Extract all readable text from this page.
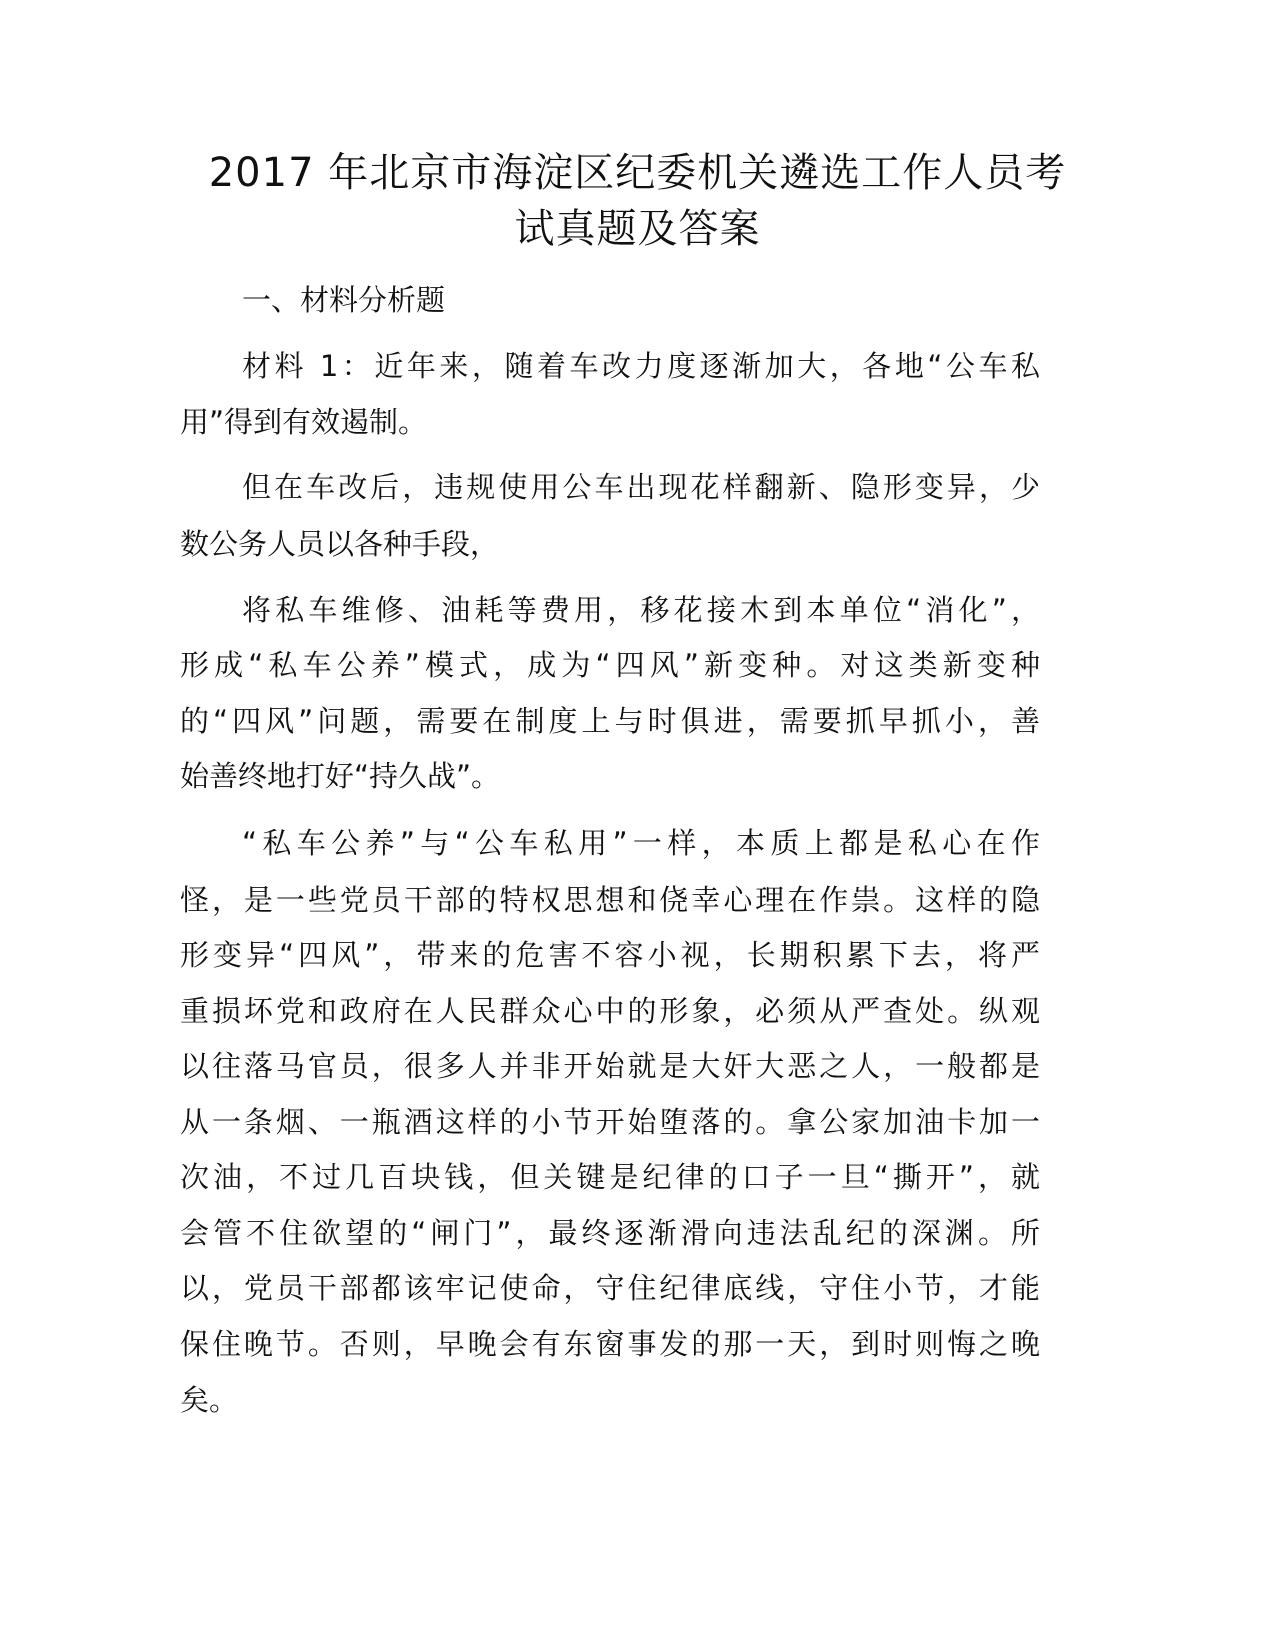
2017 年北京市海淀区纪委机关遴选工作人员考
试真题及答案
一、材料分析题
材料 1：近年来，随着车改力度逐渐加大，各地“公车私
用”得到有效遏制。
但在车改后，违规使用公车出现花样翻新、隐形变异，少
数公务人员以各种手段，
将私车维修、油耗等费用，移花接木到本单位“消化”，
形成“私车公养”模式，成为“四风”新变种。对这类新变种
的“四风”问题，需要在制度上与时俱进，需要抓早抓小，善
始善终地打好“持久战”。
“私车公养”与“公车私用”一样，本质上都是私心在作
怪，是一些党员干部的特权思想和侥幸心理在作祟。这样的隐
形变异“四风”，带来的危害不容小视，长期积累下去，将严
重损坏党和政府在人民群众心中的形象，必须从严查处。纵观
以往落马官员，很多人并非开始就是大奸大恶之人，一般都是
从一条烟、一瓶酒这样的小节开始堕落的。拿公家加油卡加一
次油，不过几百块钱，但关键是纪律的口子一旦“撕开”，就
会管不住欲望的“闸门”，最终逐渐滑向违法乱纪的深渊。所
以，党员干部都该牢记使命，守住纪律底线，守住小节，才能
保住晚节。否则，早晚会有东窗事发的那一天，到时则悔之晚
矣。
